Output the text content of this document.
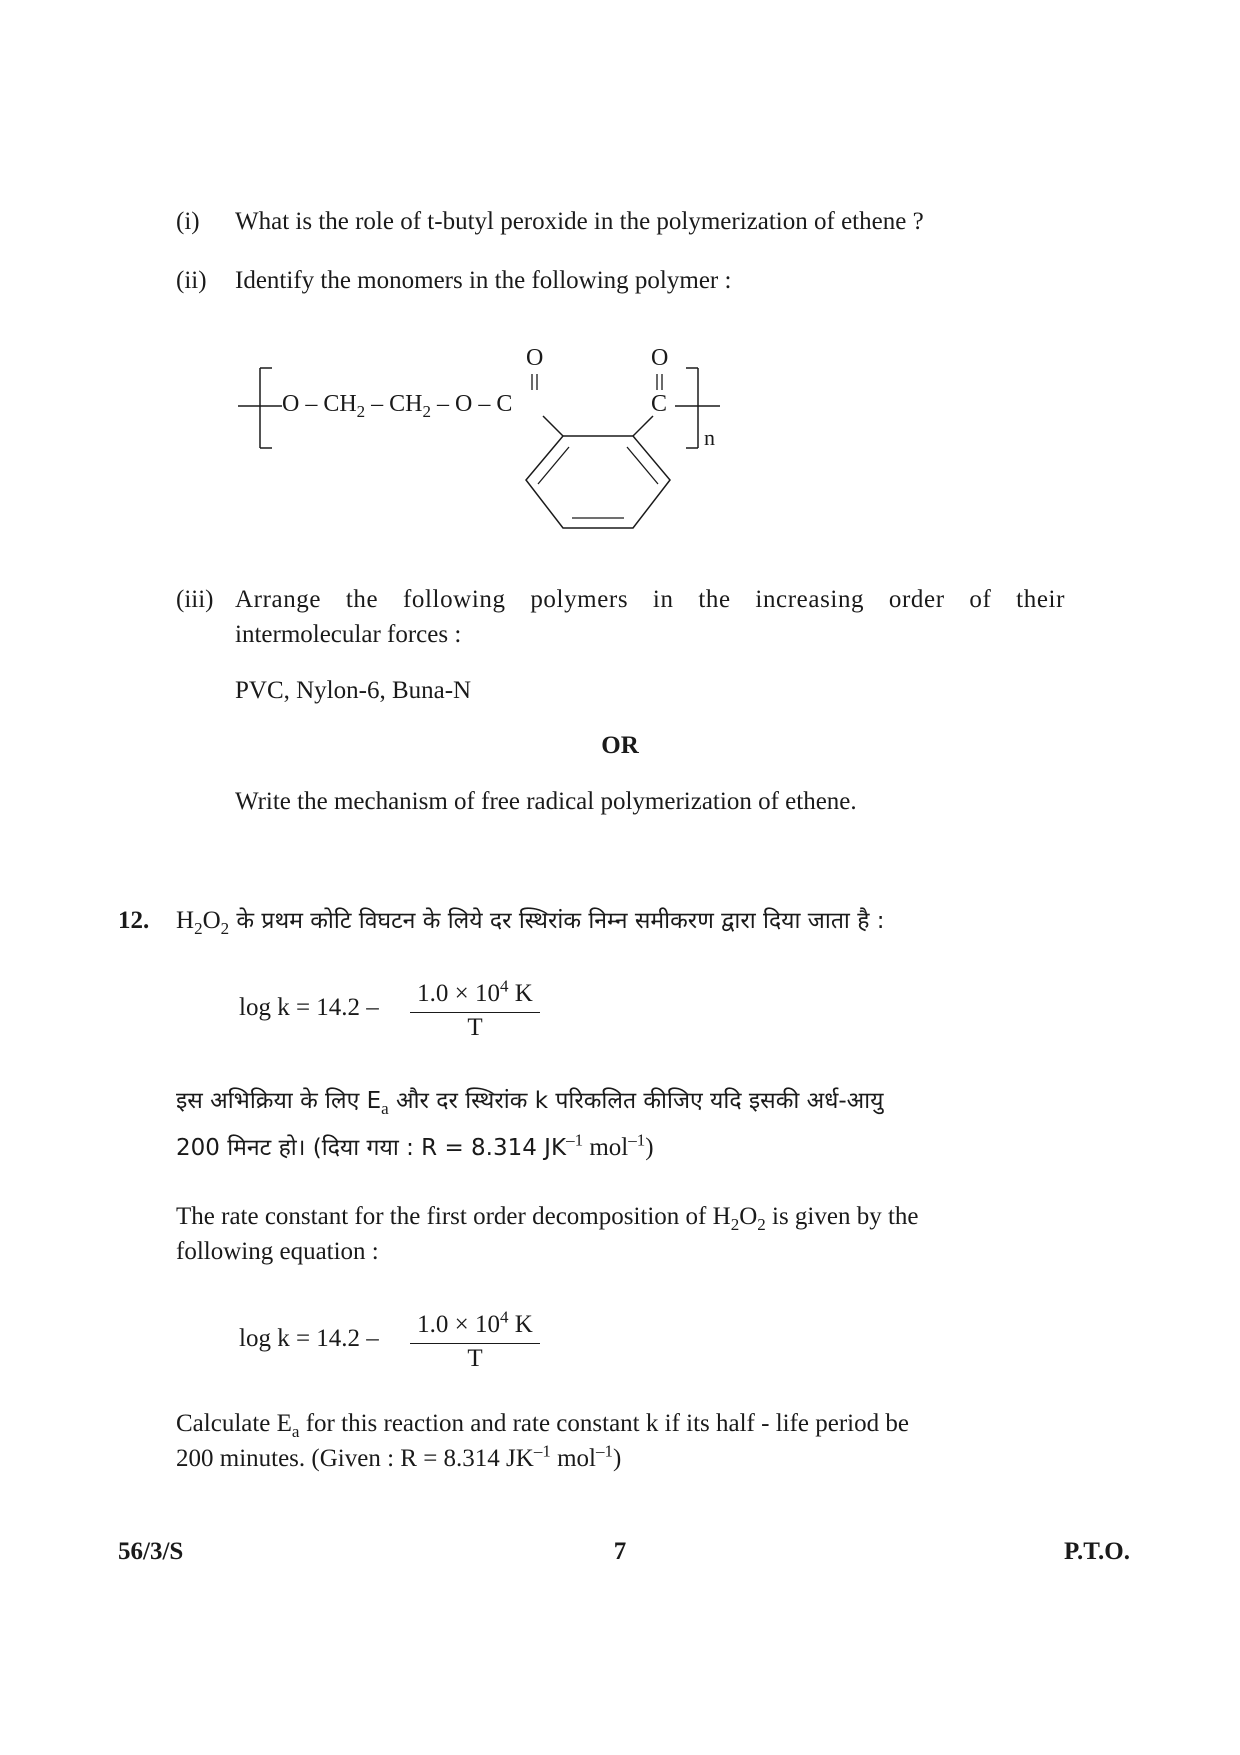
(i) What is the role of t-butyl peroxide in the polymerization of ethene ?
(ii) Identify the monomers in the following polymer :
O – $CH_2 - CH_2$ – O – C
O	O
C
n
(iii) Arrange the following polymers in the increasing order of their
intermolecular forces :
PVC, Nylon-6, Buna-N
OR
Write the mechanism of free radical polymerization of ethene.
12. $H_2O_2$ के प्रथम कोटि विघटन के लिये दर स्थिरांक निम्न समीकरण द्वारा दिया जाता है :
log k = 14.2 –
$1.0 \times 10^4$ K
T
इस अभिक्रिया के लिए $E_a$ और दर स्थिरांक k परिकलित कीजिए यदि इसकी अर्ध-आयु
200 मिनट हो। (दिया गया : R = 8.314 $JK^{-1}$ mol$^{-1}$)
The rate constant for the first order decomposition of $H_2O_2$ is given by the
following equation :
log k = 14.2 –
$1.0 \times 10^4$ K
T
Calculate $E_a$ for this reaction and rate constant k if its half - life period be
200 minutes. (Given : R = 8.314 $JK^{-1}$ mol$^{-1}$)
56/3/S	7	P.T.O.
